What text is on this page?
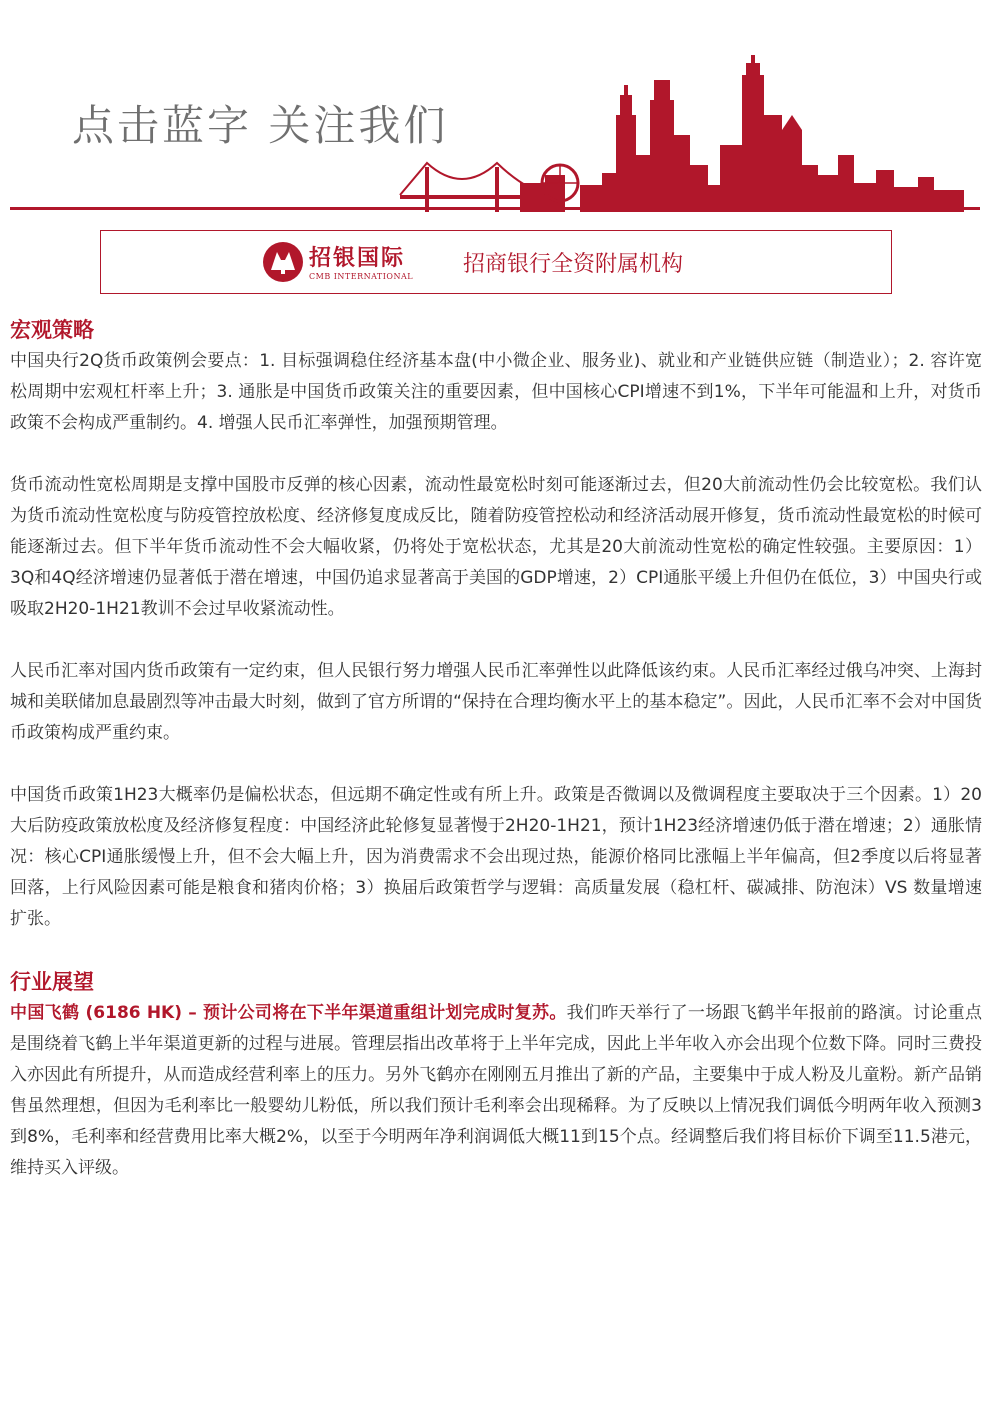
点击蓝字 关注我们
招银国际
CMB INTERNATIONAL 招商银行全资附属机构
宏观策略

中国央行2Q货币政策例会要点：1. 目标强调稳住经济基本盘(中小微企业、服务业)、就业和产业链供应链（制造业）；2. 容许宽松周期中宏观杠杆率上升；3. 通胀是中国货币政策关注的重要因素，但中国核心CPI增速不到1%，下半年可能温和上升，对货币政策不会构成严重制约。4. 增强人民币汇率弹性，加强预期管理。

货币流动性宽松周期是支撑中国股市反弹的核心因素，流动性最宽松时刻可能逐渐过去，但20大前流动性仍会比较宽松。我们认为货币流动性宽松度与防疫管控放松度、经济修复度成反比，随着防疫管控松动和经济活动展开修复，货币流动性最宽松的时候可能逐渐过去。但下半年货币流动性不会大幅收紧，仍将处于宽松状态，尤其是20大前流动性宽松的确定性较强。主要原因：1）3Q和4Q经济增速仍显著低于潜在增速，中国仍追求显著高于美国的GDP增速，2）CPI通胀平缓上升但仍在低位，3）中国央行或吸取2H20-1H21教训不会过早收紧流动性。

人民币汇率对国内货币政策有一定约束，但人民银行努力增强人民币汇率弹性以此降低该约束。人民币汇率经过俄乌冲突、上海封城和美联储加息最剧烈等冲击最大时刻，做到了官方所谓的“保持在合理均衡水平上的基本稳定”。因此，人民币汇率不会对中国货币政策构成严重约束。

中国货币政策1H23大概率仍是偏松状态，但远期不确定性或有所上升。政策是否微调以及微调程度主要取决于三个因素。1）20大后防疫政策放松度及经济修复程度：中国经济此轮修复显著慢于2H20-1H21，预计1H23经济增速仍低于潜在增速；2）通胀情况：核心CPI通胀缓慢上升，但不会大幅上升，因为消费需求不会出现过热，能源价格同比涨幅上半年偏高，但2季度以后将显著回落，上行风险因素可能是粮食和猪肉价格；3）换届后政策哲学与逻辑：高质量发展（稳杠杆、碳减排、防泡沫）VS 数量增速扩张。

行业展望

中国飞鹤 (6186 HK) – 预计公司将在下半年渠道重组计划完成时复苏。我们昨天举行了一场跟飞鹤半年报前的路演。讨论重点是围绕着飞鹤上半年渠道更新的过程与进展。管理层指出改革将于上半年完成，因此上半年收入亦会出现个位数下降。同时三费投入亦因此有所提升，从而造成经营利率上的压力。另外飞鹤亦在刚刚五月推出了新的产品，主要集中于成人粉及儿童粉。新产品销售虽然理想，但因为毛利率比一般婴幼儿粉低，所以我们预计毛利率会出现稀释。为了反映以上情况我们调低今明两年收入预测3到8%，毛利率和经营费用比率大概2%，以至于今明两年净利润调低大概11到15个点。经调整后我们将目标价下调至11.5港元，维持买入评级。
